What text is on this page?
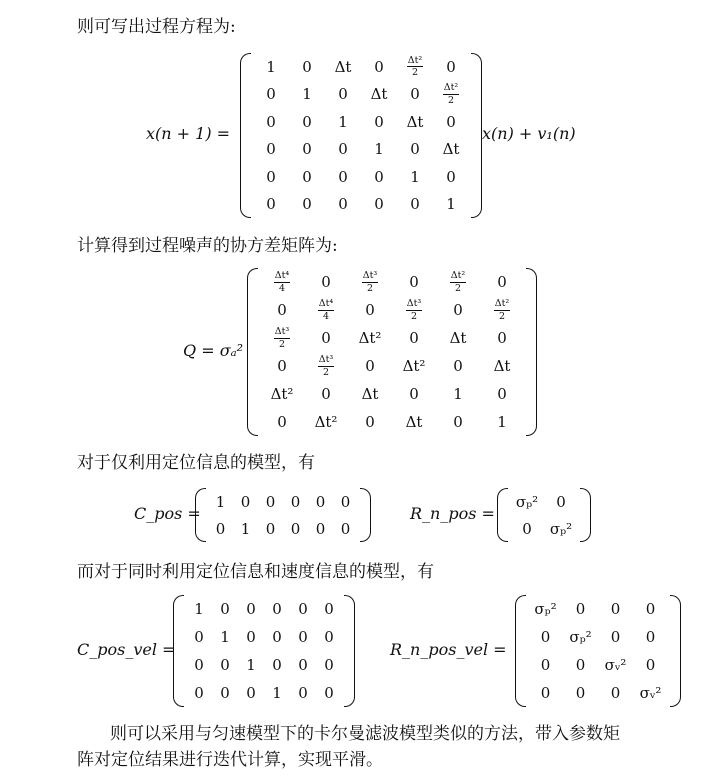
则可写出过程方程为:
计算得到过程噪声的协方差矩阵为:
对于仅利用定位信息的模型，有
而对于同时利用定位信息和速度信息的模型，有
则可以采用与匀速模型下的卡尔曼滤波模型类似的方法，带入参数矩
阵对定位结果进行迭代计算，实现平滑。
x(n + 1) =
1	0	Δt	0	$\frac{\text{Δt²}}{2}$	0
0	1	0	Δt	0	$\frac{\text{Δt²}}{2}$

0	0	1	0	Δt	0
0	0	0	1	0	Δt
0	0	0	0	1	0
0	0	0	0	0	1
x(n) + v₁(n)
Q = σₐ²
$\frac{\text{Δt⁴}}{4}$	0	$\frac{\text{Δt³}}{2}$	0	$\frac{\text{Δt²}}{2}$	0
0	$\frac{\text{Δt⁴}}{4}$	0	$\frac{\text{Δt³}}{2}$	0	$\frac{\text{Δt²}}{2}$

$\frac{\text{Δt³}}{2}$	0	Δt²	0	Δt	0
0	$\frac{\text{Δt³}}{2}$	0	Δt²	0	Δt
Δt²	0	Δt	0	1	0
0	Δt²	0	Δt	0	1
C_pos =
1	0	0	0	0	0
0	1	0	0	0	0
R_n_pos =
σₚ²	0
0	σₚ²
C_pos_vel =
1	0	0	0	0	0
0	1	0	0	0	0
0	0	1	0	0	0
0	0	0	1	0	0
R_n_pos_vel =
σₚ²	0	0	0
0	σₚ²	0	0
0	0	σᵥ²	0
0	0	0	σᵥ²
